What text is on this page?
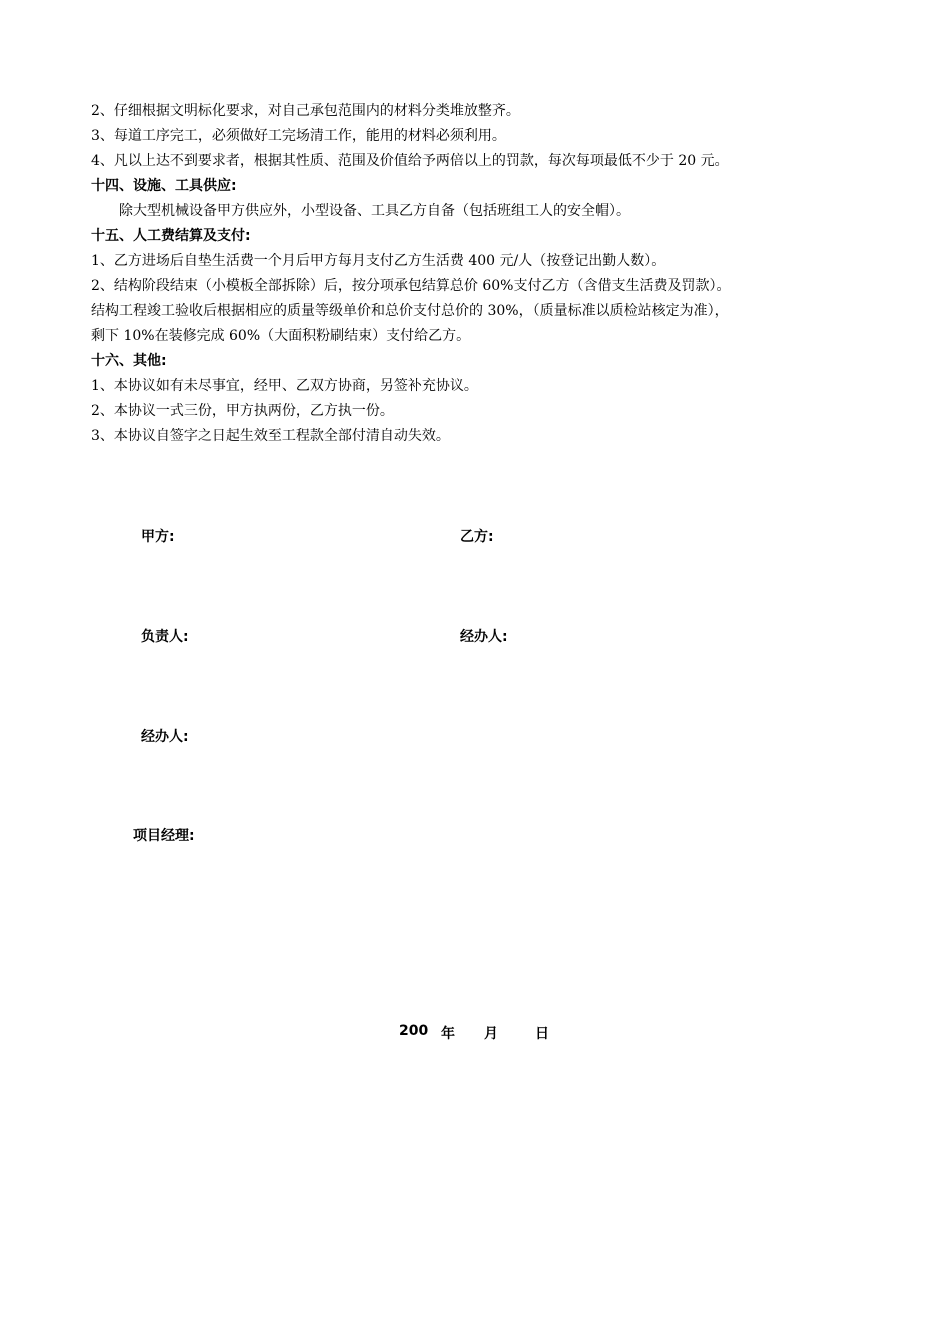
2、仔细根据文明标化要求，对自己承包范围内的材料分类堆放整齐。
3、每道工序完工，必须做好工完场清工作，能用的材料必须利用。
4、凡以上达不到要求者，根据其性质、范围及价值给予两倍以上的罚款，每次每项最低不少于 20 元。
十四、设施、工具供应:
除大型机械设备甲方供应外，小型设备、工具乙方自备（包括班组工人的安全帽）。
十五、人工费结算及支付:
1、乙方进场后自垫生活费一个月后甲方每月支付乙方生活费 400 元/人（按登记出勤人数）。
2、结构阶段结束（小模板全部拆除）后，按分项承包结算总价 60%支付乙方（含借支生活费及罚款）。
结构工程竣工验收后根据相应的质量等级单价和总价支付总价的 30%，（质量标准以质检站核定为准），
剩下 10%在装修完成 60%（大面积粉刷结束）支付给乙方。
十六、其他:
1、本协议如有未尽事宜，经甲、乙双方协商，另签补充协议。
2、本协议一式三份，甲方执两份，乙方执一份。
3、本协议自签字之日起生效至工程款全部付清自动失效。
甲方:	乙方:
负责人:	经办人:
经办人:
项目经理:
200 年 月	日
